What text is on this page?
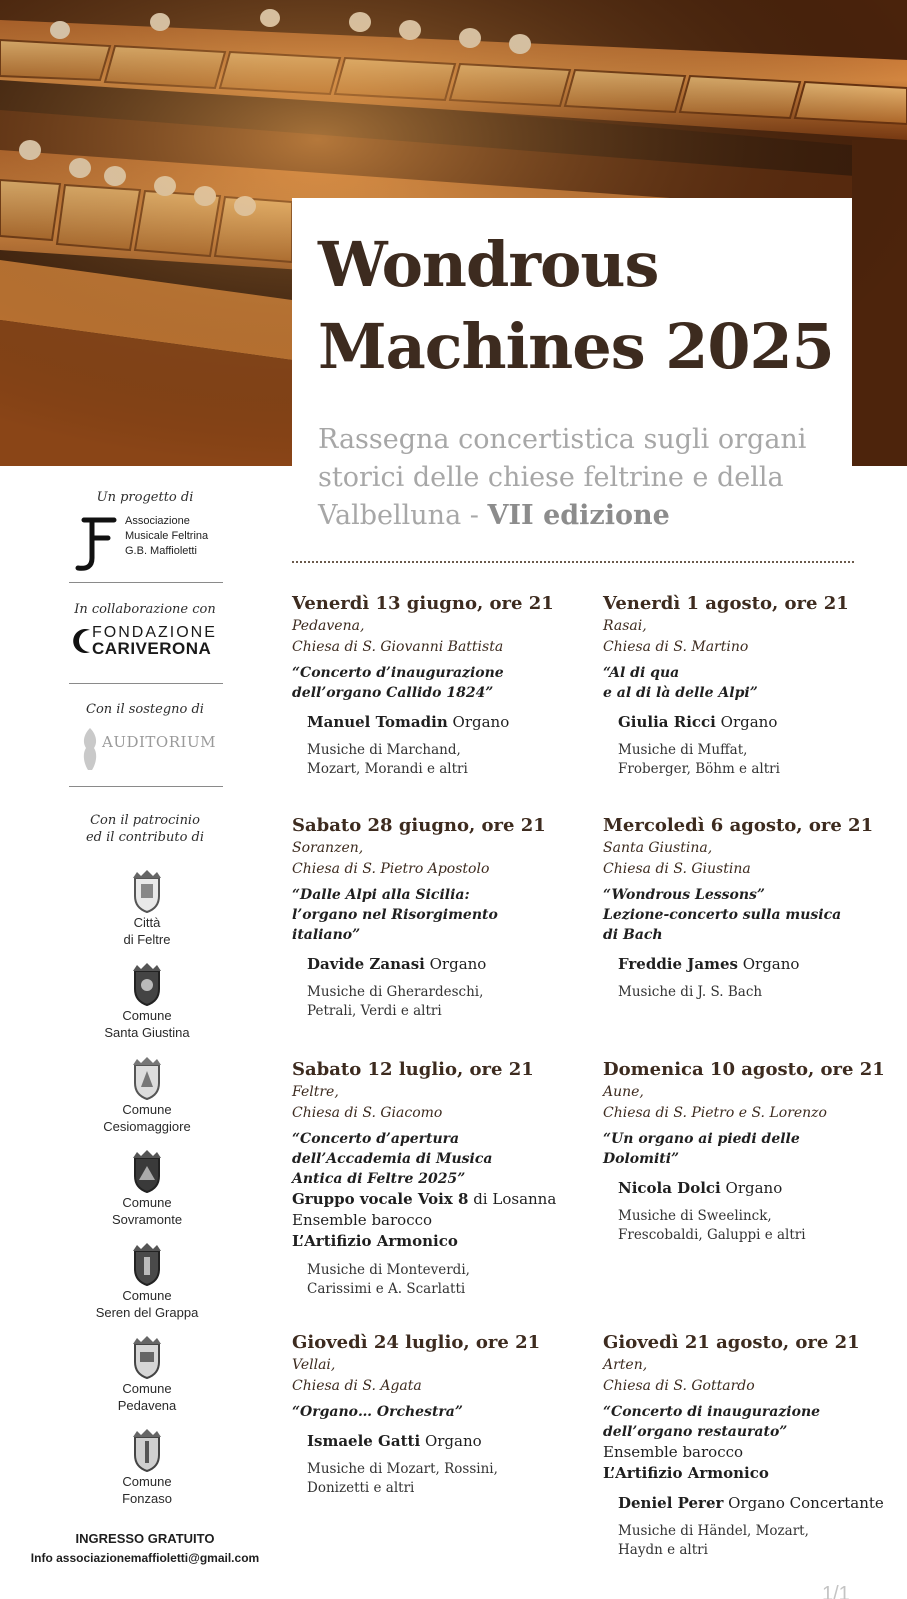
Wondrous
Machines 2025

Rassegna concertistica sugli organi storici delle chiese feltrine e della Valbelluna - VII edizione

Un progetto di
Associazione
Musicale Feltrina
G.B. Maffioletti
In collaborazione con
FONDAZIONE
CARIVERONA
Con il sostegno di
AUDITORIUM
Con il patrocinio
ed il contributo di
Città
di Feltre
Comune
Santa Giustina
Comune
Cesiomaggiore
Comune
Sovramonte
Comune
Seren del Grappa
Comune
Pedavena
Comune
Fonzaso
INGRESSO GRATUITO
Info associazionemaffioletti@gmail.com
Venerdì 13 giugno, ore 21
Pedavena,
Chiesa di S. Giovanni Battista
“Concerto d’inaugurazione
dell’organo Callido 1824”
Manuel Tomadin Organo
Musiche di Marchand,
Mozart, Morandi e altri
Sabato 28 giugno, ore 21
Soranzen,
Chiesa di S. Pietro Apostolo
“Dalle Alpi alla Sicilia:
l’organo nel Risorgimento
italiano”
Davide Zanasi Organo
Musiche di Gherardeschi,
Petrali, Verdi e altri
Sabato 12 luglio, ore 21
Feltre,
Chiesa di S. Giacomo
“Concerto d’apertura
dell’Accademia di Musica
Antica di Feltre 2025”
Gruppo vocale Voix 8 di Losanna
Ensemble barocco
L’Artifizio Armonico
Musiche di Monteverdi,
Carissimi e A. Scarlatti
Giovedì 24 luglio, ore 21
Vellai,
Chiesa di S. Agata
“Organo… Orchestra”
Ismaele Gatti Organo
Musiche di Mozart, Rossini,
Donizetti e altri
Venerdì 1 agosto, ore 21
Rasai,
Chiesa di S. Martino
“Al di qua
e al di là delle Alpi”
Giulia Ricci Organo
Musiche di Muffat,
Froberger, Böhm e altri
Mercoledì 6 agosto, ore 21
Santa Giustina,
Chiesa di S. Giustina
“Wondrous Lessons”
Lezione-concerto sulla musica
di Bach
Freddie James Organo
Musiche di J. S. Bach
Domenica 10 agosto, ore 21
Aune,
Chiesa di S. Pietro e S. Lorenzo
“Un organo ai piedi delle
Dolomiti”
Nicola Dolci Organo
Musiche di Sweelinck,
Frescobaldi, Galuppi e altri
Giovedì 21 agosto, ore 21
Arten,
Chiesa di S. Gottardo
“Concerto di inaugurazione
dell’organo restaurato”
Ensemble barocco
L’Artifizio Armonico
Deniel Perer Organo Concertante
Musiche di Händel, Mozart,
Haydn e altri
1/1
